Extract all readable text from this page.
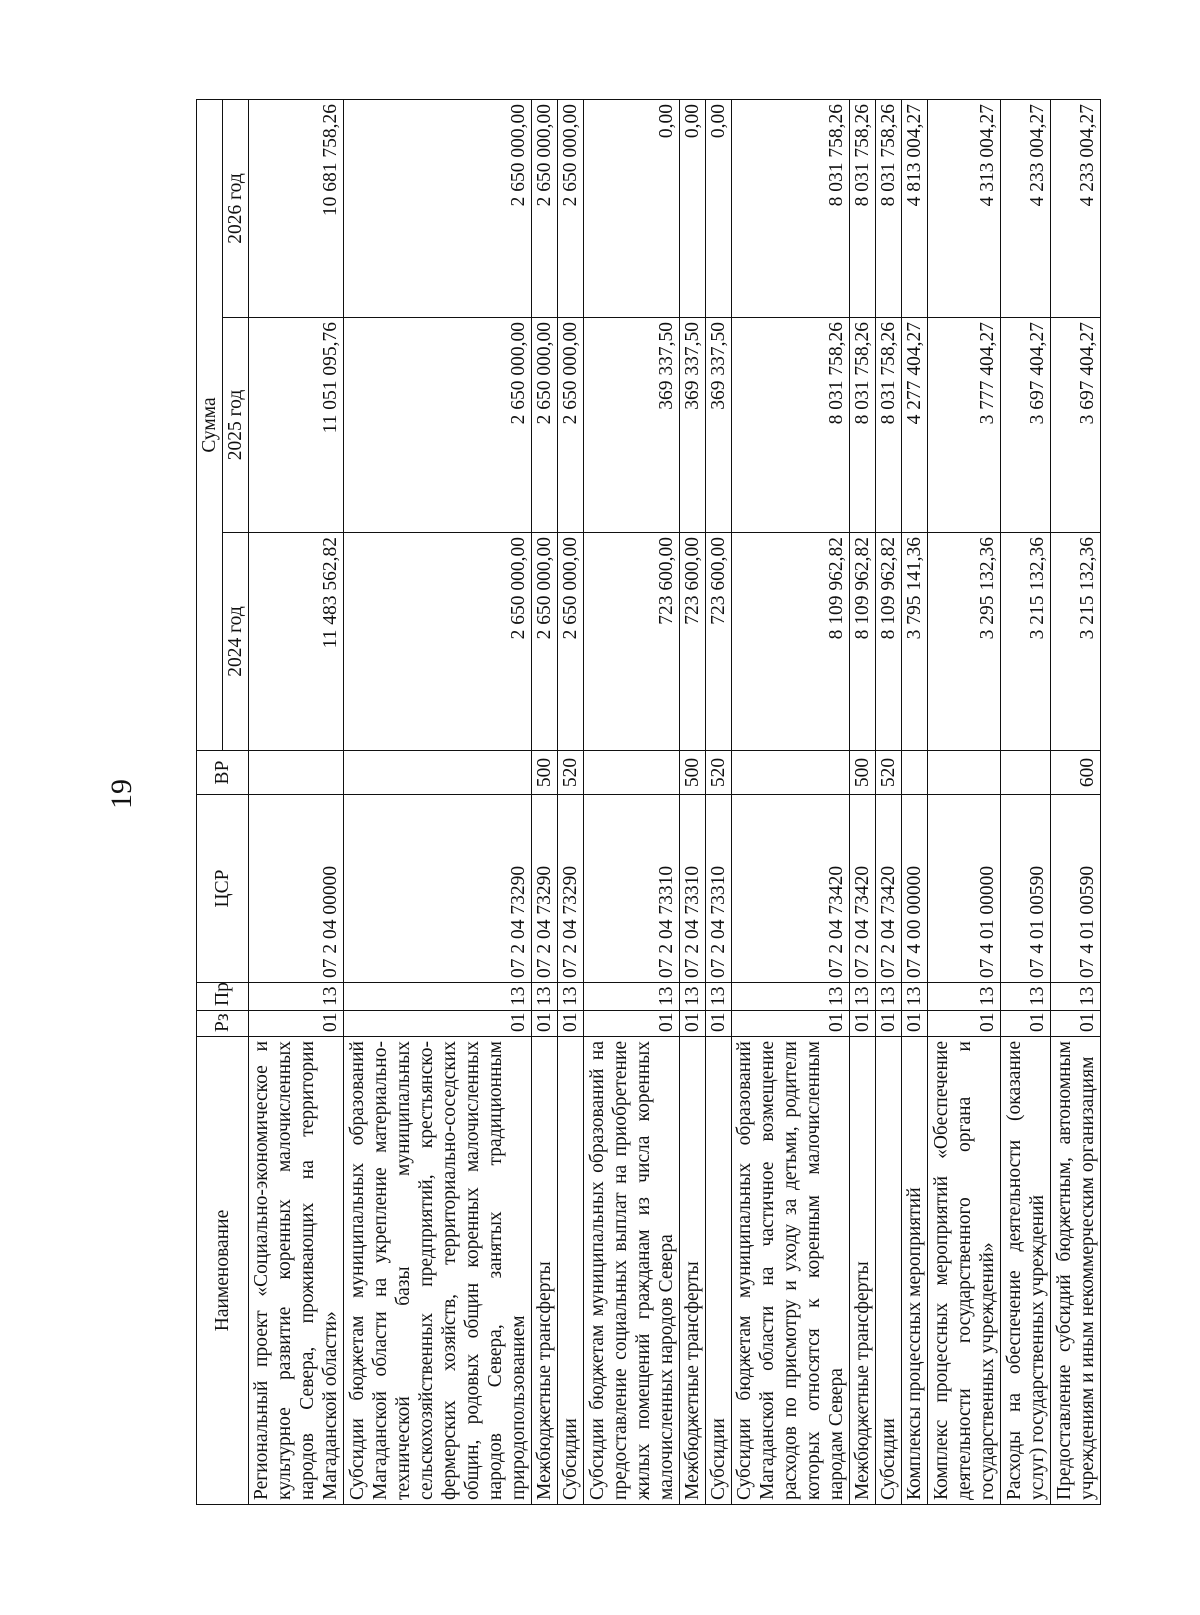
19
Наименование	Рз	Пр	ЦСР	ВР	Сумма		
					2024 год	2025 год	2026 год
Региональный проект «Социально-экономическое и культурное развитие коренных малочисленных народов Севера, проживающих на территории Магаданской области»	01	13	07 2 04 00000		11 483 562,82	11 051 095,76	10 681 758,26
Субсидии бюджетам муниципальных образований Магаданской области на укрепление материально-технической базы муниципальных сельскохозяйственных предприятий, крестьянско-фермерских хозяйств, территориально-соседских общин, родовых общин коренных малочисленных народов Севера, занятых традиционным природопользованием	01	13	07 2 04 73290		2 650 000,00	2 650 000,00	2 650 000,00
Межбюджетные трансферты	01	13	07 2 04 73290	500	2 650 000,00	2 650 000,00	2 650 000,00
Субсидии	01	13	07 2 04 73290	520	2 650 000,00	2 650 000,00	2 650 000,00
Субсидии бюджетам муниципальных образований на предоставление социальных выплат на приобретение жилых помещений гражданам из числа коренных малочисленных народов Севера	01	13	07 2 04 73310		723 600,00	369 337,50	0,00
Межбюджетные трансферты	01	13	07 2 04 73310	500	723 600,00	369 337,50	0,00
Субсидии	01	13	07 2 04 73310	520	723 600,00	369 337,50	0,00
Субсидии бюджетам муниципальных образований Магаданской области на частичное возмещение расходов по присмотру и уходу за детьми, родители которых относятся к коренным малочисленным народам Севера	01	13	07 2 04 73420		8 109 962,82	8 031 758,26	8 031 758,26
Межбюджетные трансферты	01	13	07 2 04 73420	500	8 109 962,82	8 031 758,26	8 031 758,26
Субсидии	01	13	07 2 04 73420	520	8 109 962,82	8 031 758,26	8 031 758,26
Комплексы процессных мероприятий	01	13	07 4 00 00000		3 795 141,36	4 277 404,27	4 813 004,27
Комплекс процессных мероприятий «Обеспечение деятельности государственного органа и государственных учреждений»	01	13	07 4 01 00000		3 295 132,36	3 777 404,27	4 313 004,27
Расходы на обеспечение деятельности (оказание услуг) государственных учреждений	01	13	07 4 01 00590		3 215 132,36	3 697 404,27	4 233 004,27
Предоставление субсидий бюджетным, автономным учреждениям и иным некоммерческим организациям	01	13	07 4 01 00590	600	3 215 132,36	3 697 404,27	4 233 004,27
